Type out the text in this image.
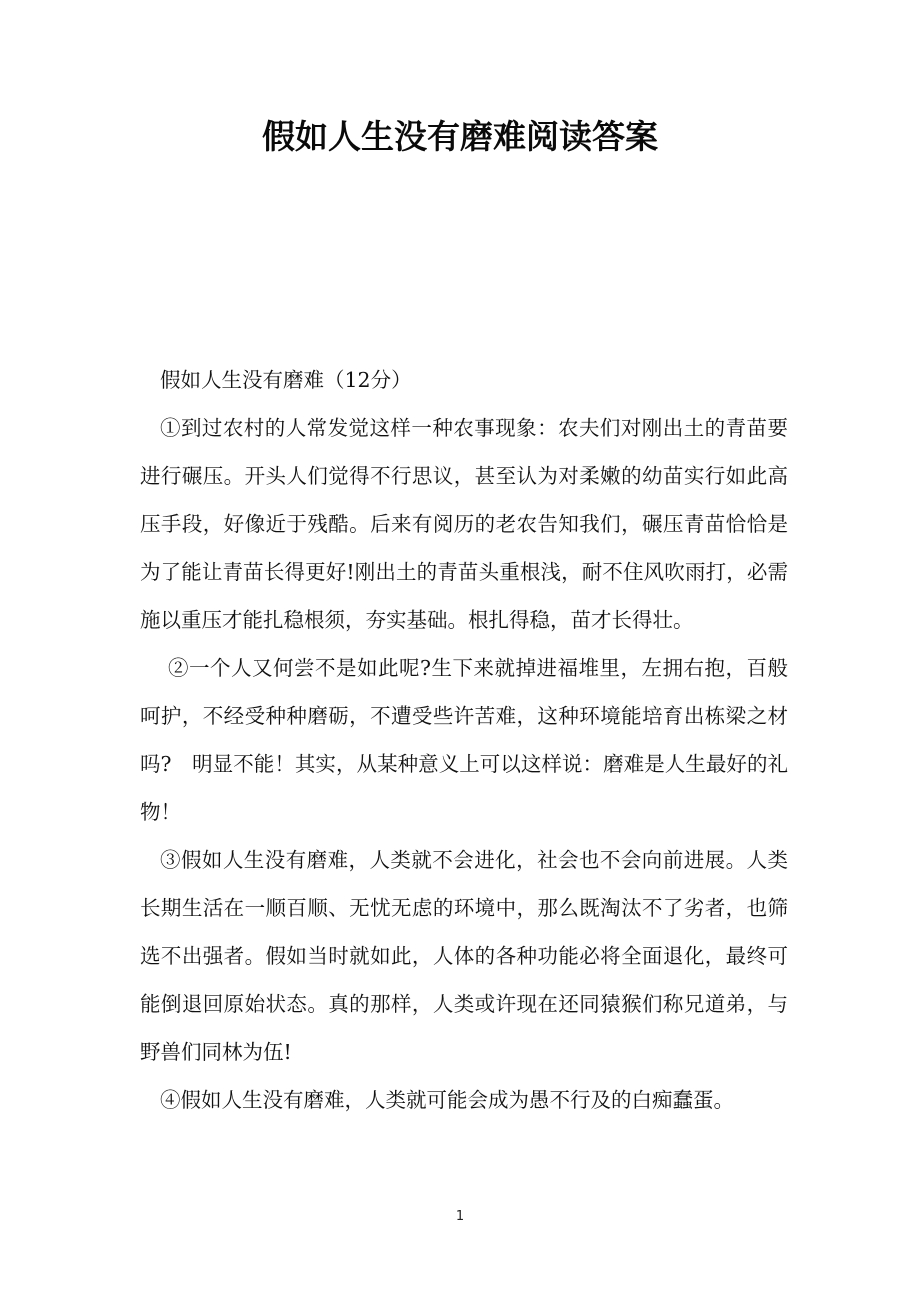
假如人生没有磨难阅读答案

假如人生没有磨难（12分）

①到过农村的人常发觉这样一种农事现象：农夫们对刚出土的青苗要进行碾压。开头人们觉得不行思议，甚至认为对柔嫩的幼苗实行如此高压手段，好像近于残酷。后来有阅历的老农告知我们，碾压青苗恰恰是为了能让青苗长得更好!刚出土的青苗头重根浅，耐不住风吹雨打，必需施以重压才能扎稳根须，夯实基础。根扎得稳，苗才长得壮。

②一个人又何尝不是如此呢?生下来就掉进福堆里，左拥右抱，百般呵护，不经受种种磨砺，不遭受些许苦难，这种环境能培育出栋梁之材吗?　明显不能！其实，从某种意义上可以这样说：磨难是人生最好的礼物！

③假如人生没有磨难，人类就不会进化，社会也不会向前进展。人类长期生活在一顺百顺、无忧无虑的环境中，那么既淘汰不了劣者，也筛选不出强者。假如当时就如此，人体的各种功能必将全面退化，最终可能倒退回原始状态。真的那样，人类或许现在还同猿猴们称兄道弟，与野兽们同林为伍!

④假如人生没有磨难，人类就可能会成为愚不行及的白痴蠢蛋。

1
